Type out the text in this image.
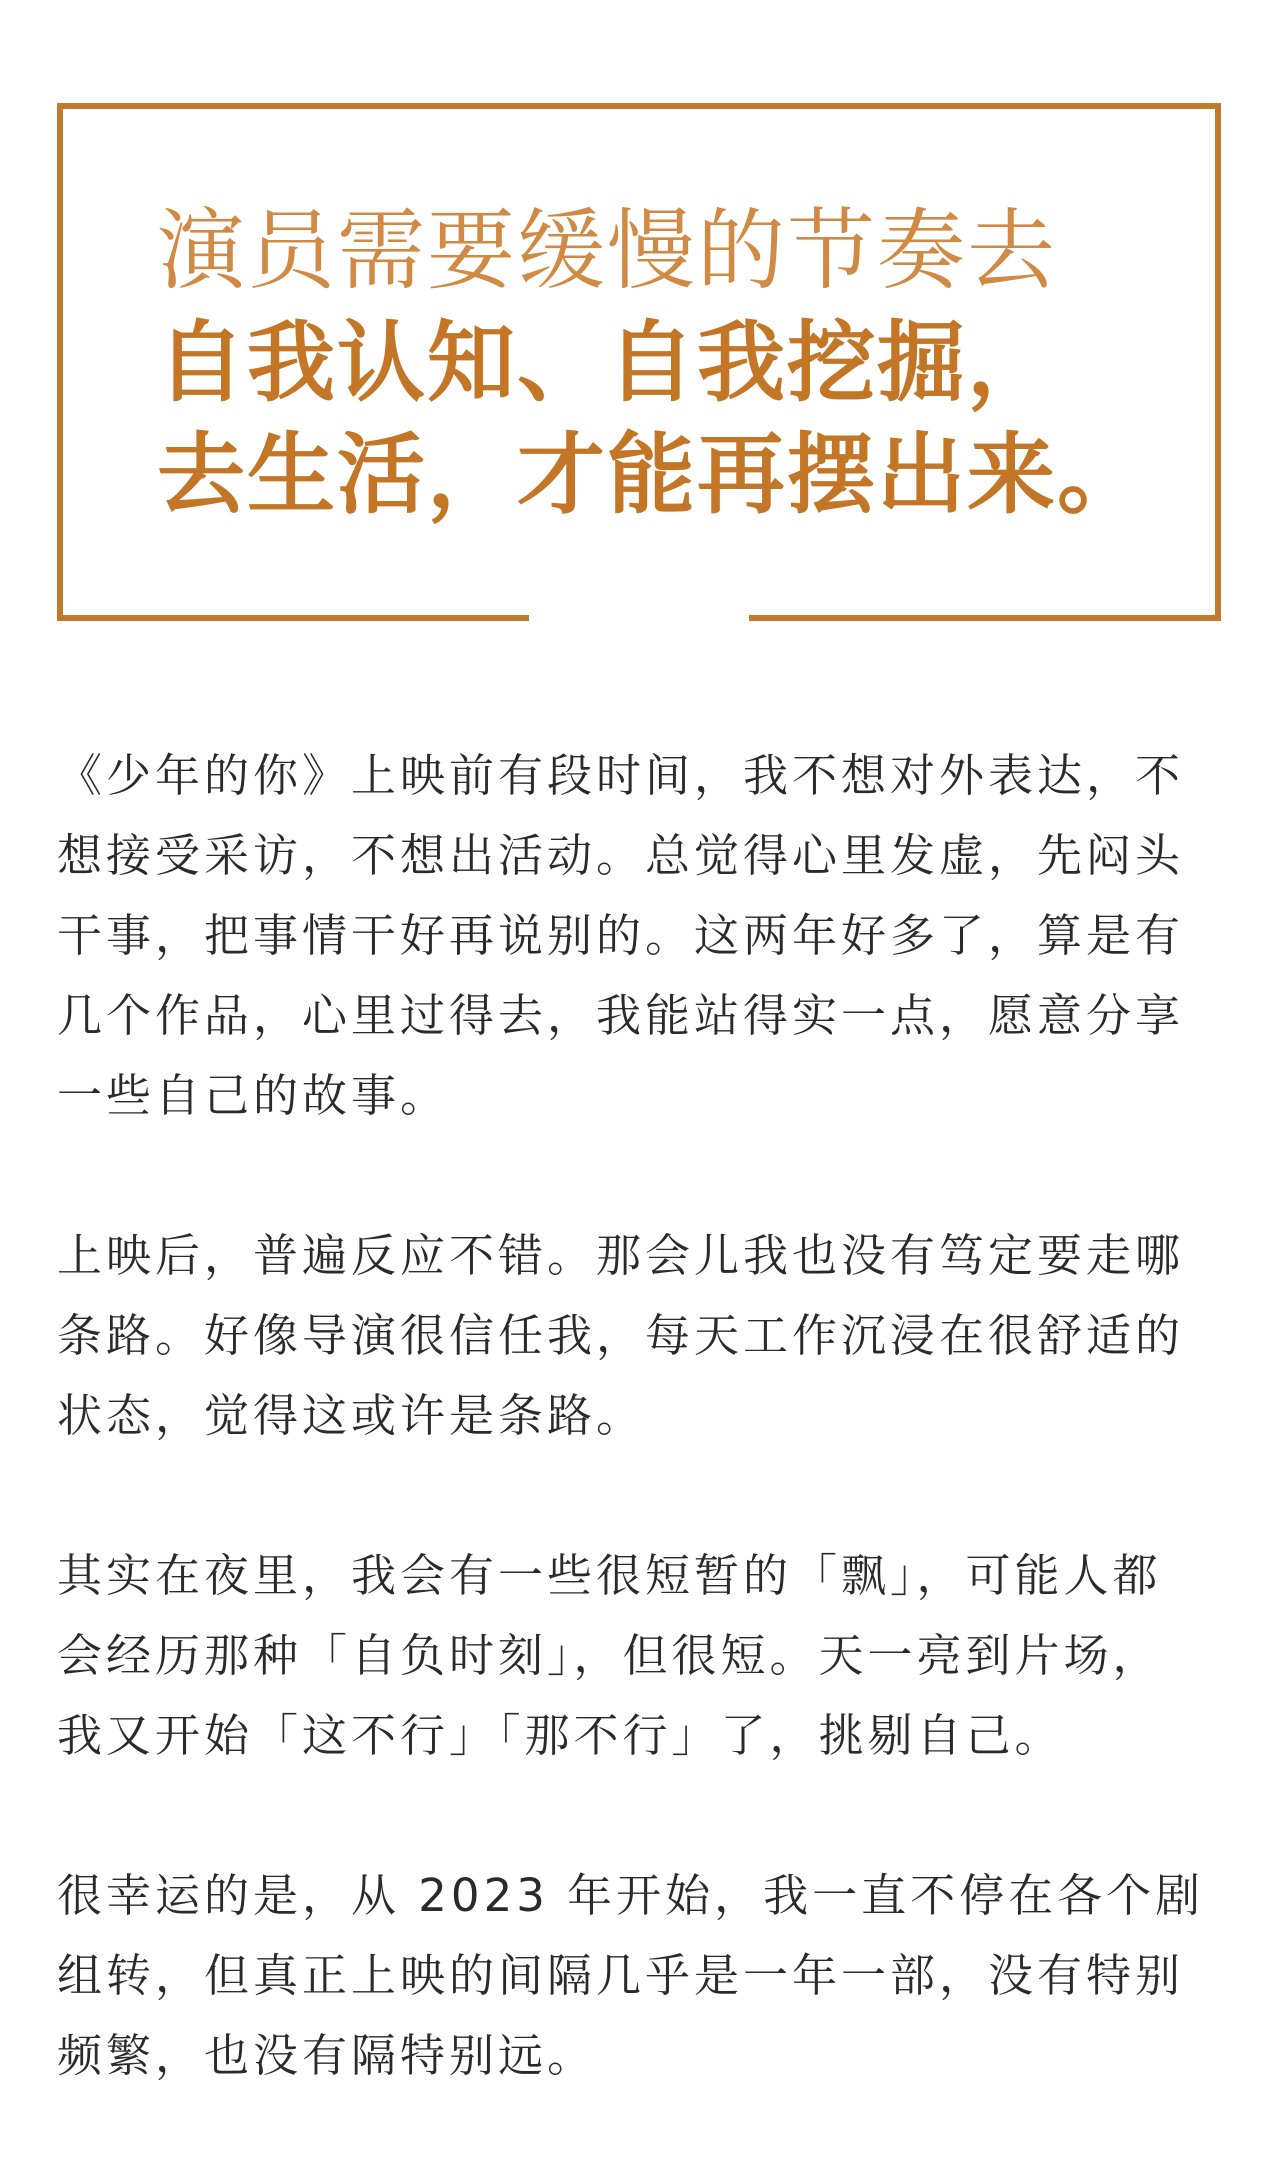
演员需要缓慢的节奏去
自我认知、自我挖掘，
去生活，才能再摆出来。
《少年的你》上映前有段时间，我不想对外表达，不
想接受采访，不想出活动。总觉得心里发虚，先闷头
干事，把事情干好再说别的。这两年好多了，算是有
几个作品，心里过得去，我能站得实一点，愿意分享
一些自己的故事。
上映后，普遍反应不错。那会儿我也没有笃定要走哪
条路。好像导演很信任我，每天工作沉浸在很舒适的
状态，觉得这或许是条路。
其实在夜里，我会有一些很短暂的「飘」，可能人都
会经历那种「自负时刻」，但很短。天一亮到片场，
我又开始「这不行」「那不行」了，挑剔自己。
很幸运的是，从 2023 年开始，我一直不停在各个剧
组转，但真正上映的间隔几乎是一年一部，没有特别
频繁，也没有隔特别远。
